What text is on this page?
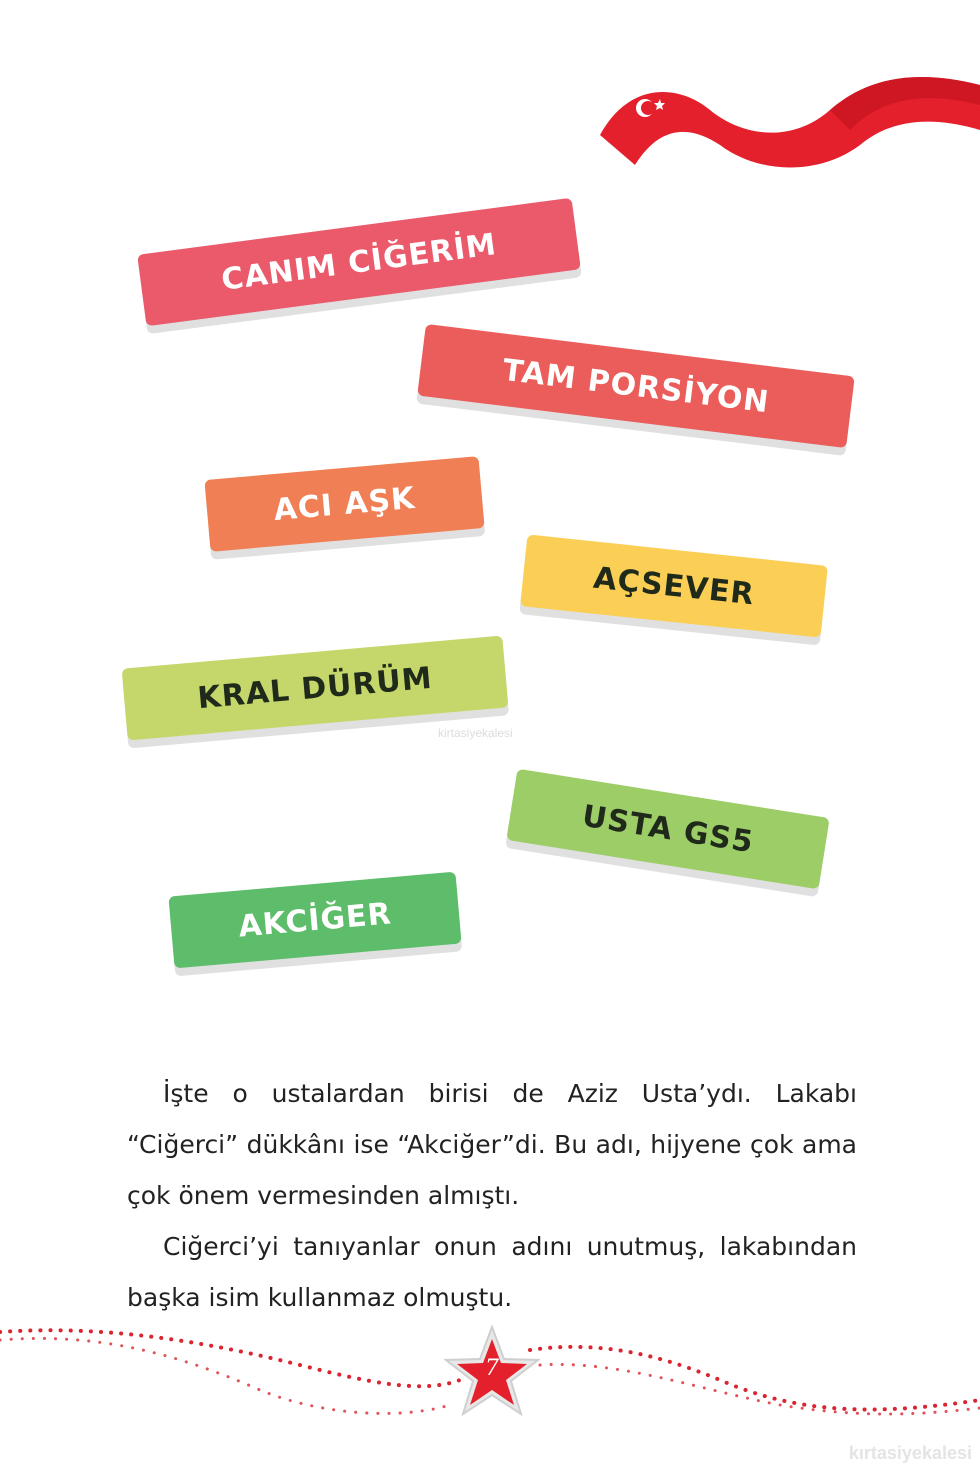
CANIM CİĞERİM
TAM PORSİYON
ACI AŞK
AÇSEVER
KRAL DÜRÜM
USTA GS5
AKCİĞER
kirtasiyekalesi

İşte o ustalardan birisi de Aziz Usta’ydı. Lakabı “Ciğerci” dükkânı ise “Akciğer”di. Bu adı, hijyene çok ama çok önem vermesinden almıştı.

Ciğerci’yi tanıyanlar onun adını unutmuş, lakabından başka isim kullanmaz olmuştu.

7
kırtasiyekalesi
